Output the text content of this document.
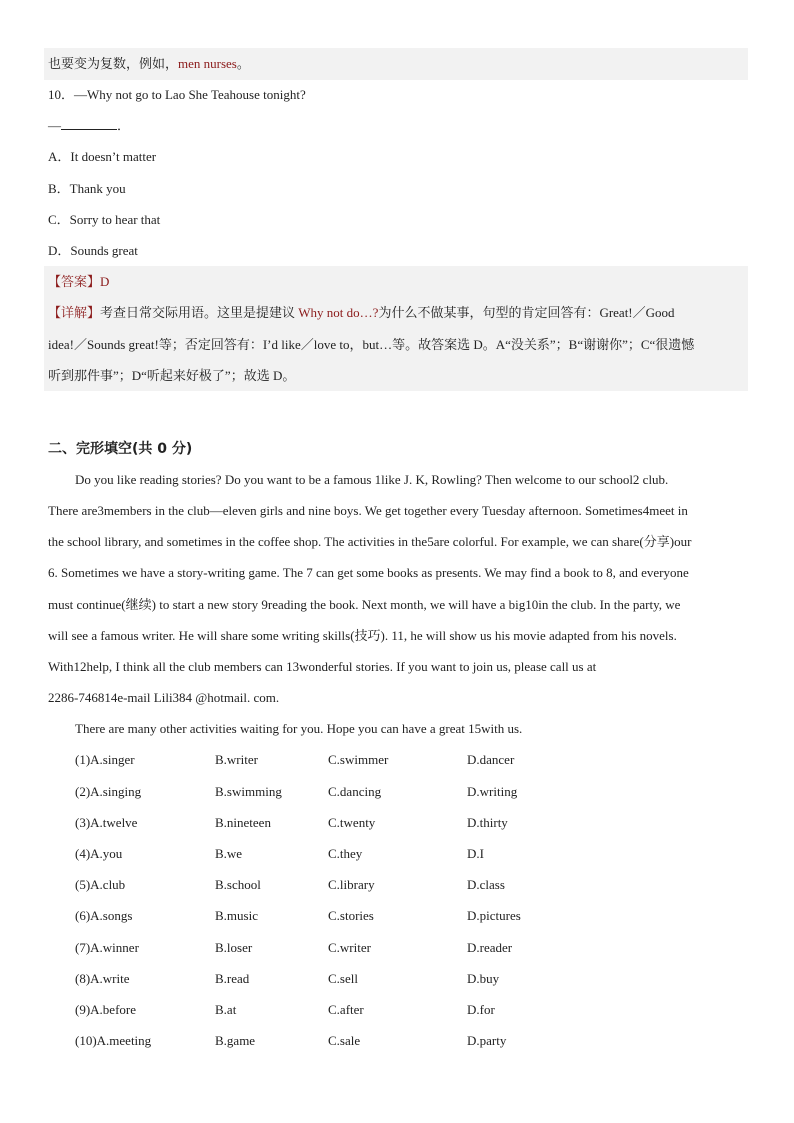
也要变为复数，例如，men nurses。
10．—Why not go to Lao She Teahouse tonight?
—	．
A．It doesn’t matter
B．Thank you
C．Sorry to hear that
D．Sounds great
【答案】D
【详解】考查日常交际用语。这里是提建议 Why not do…?为什么不做某事，句型的肯定回答有：Great!／Good
idea!／Sounds great!等；否定回答有：I’d like／love to，but…等。故答案选 D。A“没关系”；B“谢谢你”；C“很遗憾
听到那件事”；D“听起来好极了”；故选 D。
二、完形填空(共 0 分)
Do you like reading stories? Do you want to be a famous 1like J. K, Rowling? Then welcome to our school2 club.
There are3members in the club—eleven girls and nine boys. We get together every Tuesday afternoon. Sometimes4meet in
the school library, and sometimes in the coffee shop. The activities in the5are colorful. For example, we can share(分享)our
6. Sometimes we have a story-writing game. The 7 can get some books as presents. We may find a book to 8, and everyone
must continue(继续) to start a new story 9reading the book. Next month, we will have a big10in the club. In the party, we
will see a famous writer. He will share some writing skills(技巧). 11, he will show us his movie adapted from his novels.
With12help, I think all the club members can 13wonderful stories. If you want to join us, please call us at
2286-746814e-mail Lili384 @hotmail. com.
There are many other activities waiting for you. Hope you can have a great 15with us.
(1)A.singer	B.writer	C.swimmer	D.dancer
(2)A.singing	B.swimming	C.dancing	D.writing
(3)A.twelve	B.nineteen	C.twenty	D.thirty
(4)A.you	B.we	C.they	D.I
(5)A.club	B.school	C.library	D.class
(6)A.songs	B.music	C.stories	D.pictures
(7)A.winner	B.loser	C.writer	D.reader
(8)A.write	B.read	C.sell	D.buy
(9)A.before	B.at	C.after	D.for
(10)A.meeting	B.game	C.sale	D.party
